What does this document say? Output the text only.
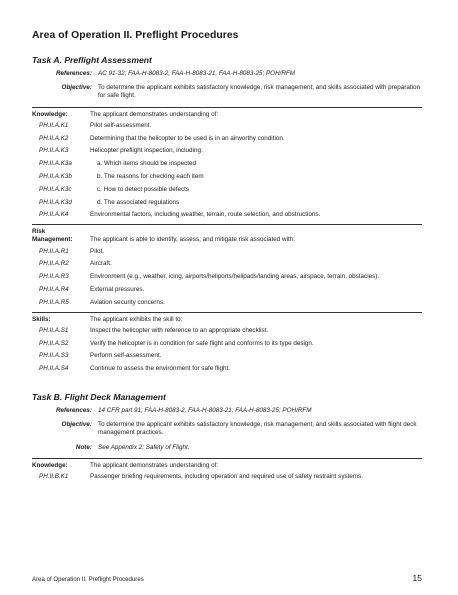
Area of Operation II. Preflight Procedures
Task A. Preflight Assessment
References: AC 91-32; FAA-H-8083-2, FAA-H-8083-21, FAA-H-8083-25; POH/RFM
Objective: To determine the applicant exhibits satisfactory knowledge, risk management, and skills associated with preparation for safe flight.
Knowledge:	The applicant demonstrates understanding of:
PH.II.A.K1	Pilot self-assessment.
PH.II.A.K2	Determining that the helicopter to be used is in an airworthy condition.
PH.II.A.K3	Helicopter preflight inspection, including:
PH.II.A.K3a	a. Which items should be inspected
PH.II.A.K3b	b. The reasons for checking each item
PH.II.A.K3c	c. How to detect possible defects
PH.II.A.K3d	d. The associated regulations
PH.II.A.K4	Environmental factors, including weather, terrain, route selection, and obstructions.
Risk
Management:	The applicant is able to identify, assess, and mitigate risk associated with:
PH.II.A.R1	Pilot.
PH.II.A.R2	Aircraft.
PH.II.A.R3	Environment (e.g., weather, icing, airports/heliports/helipads/landing areas, airspace, terrain, obstacles).
PH.II.A.R4	External pressures.
PH.II.A.R5	Aviation security concerns.
Skills:	The applicant exhibits the skill to:
PH.II.A.S1	Inspect the helicopter with reference to an appropriate checklist.
PH.II.A.S2	Verify the helicopter is in condition for safe flight and conforms to its type design.
PH.II.A.S3	Perform self-assessment.
PH.II.A.S4	Continue to assess the environment for safe flight.
Task B. Flight Deck Management
References: 14 CFR part 91; FAA-H-8083-2, FAA-H-8083-21, FAA-H-8083-25; POH/RFM
Objective: To determine the applicant exhibits satisfactory knowledge, risk management, and skills associated with flight deck management practices.
Note: See Appendix 2: Safety of Flight.
Knowledge:	The applicant demonstrates understanding of:
PH.II.B.K1	Passenger briefing requirements, including operation and required use of safety restraint systems.
Area of Operation II. Preflight Procedures	15
